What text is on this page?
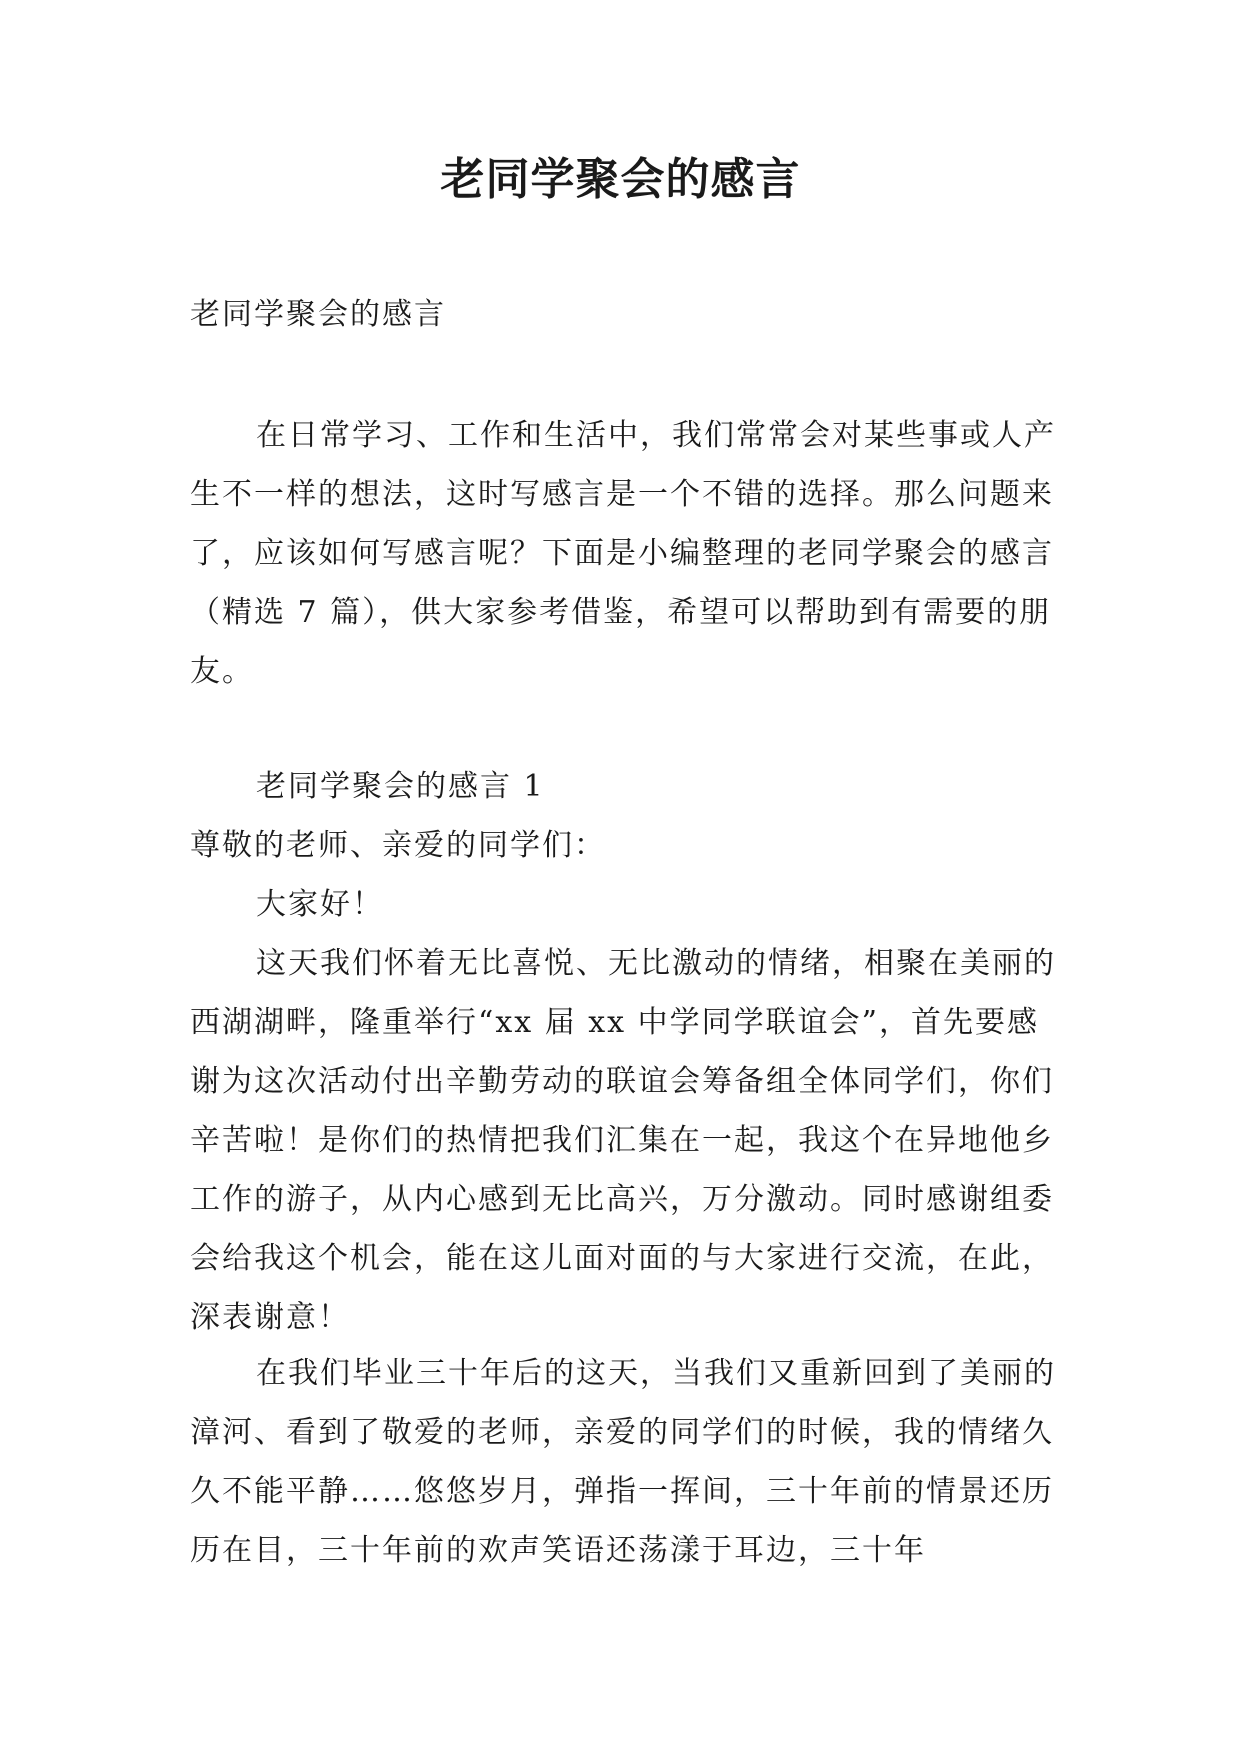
老同学聚会的感言

老同学聚会的感言

在日常学习、工作和生活中，我们常常会对某些事或人产生不一样的想法，这时写感言是一个不错的选择。那么问题来了，应该如何写感言呢？下面是小编整理的老同学聚会的感言（精选 7 篇），供大家参考借鉴，希望可以帮助到有需要的朋友。

老同学聚会的感言 1

尊敬的老师、亲爱的同学们：

大家好！

这天我们怀着无比喜悦、无比激动的情绪，相聚在美丽的西湖湖畔，隆重举行“xx 届 xx 中学同学联谊会”，首先要感谢为这次活动付出辛勤劳动的联谊会筹备组全体同学们，你们辛苦啦！是你们的热情把我们汇集在一起，我这个在异地他乡工作的游子，从内心感到无比高兴，万分激动。同时感谢组委会给我这个机会，能在这儿面对面的与大家进行交流，在此，深表谢意！

在我们毕业三十年后的这天，当我们又重新回到了美丽的漳河、看到了敬爱的老师，亲爱的同学们的时候，我的情绪久久不能平静……悠悠岁月，弹指一挥间，三十年前的情景还历历在目，三十年前的欢声笑语还荡漾于耳边，三十年
